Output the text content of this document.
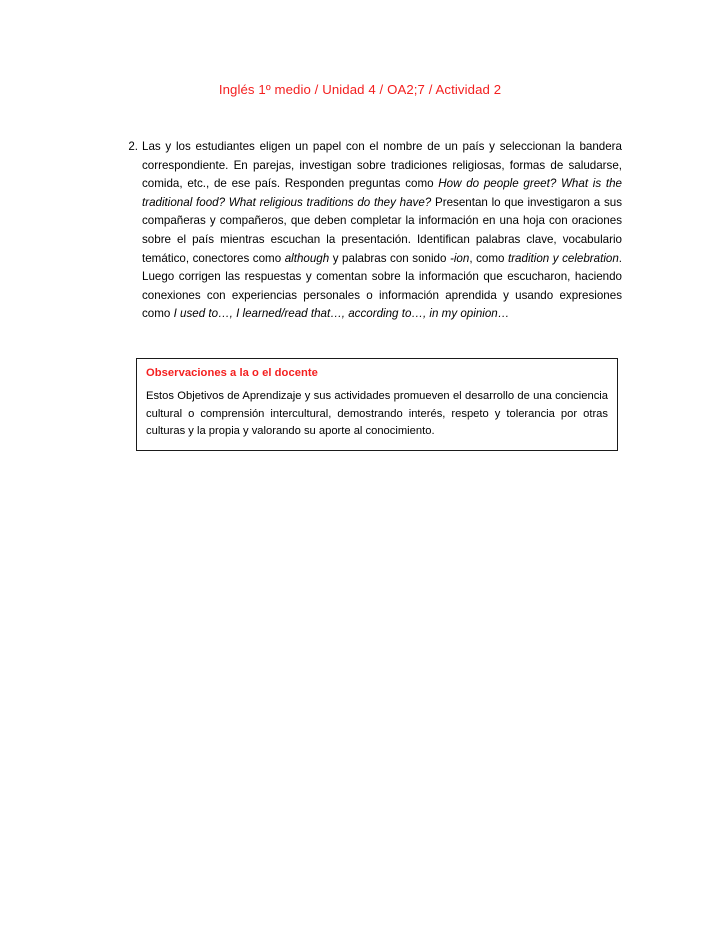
Inglés 1º medio / Unidad 4 / OA2;7 / Actividad 2
2. Las y los estudiantes eligen un papel con el nombre de un país y seleccionan la bandera correspondiente. En parejas, investigan sobre tradiciones religiosas, formas de saludarse, comida, etc., de ese país. Responden preguntas como How do people greet? What is the traditional food? What religious traditions do they have? Presentan lo que investigaron a sus compañeras y compañeros, que deben completar la información en una hoja con oraciones sobre el país mientras escuchan la presentación. Identifican palabras clave, vocabulario temático, conectores como although y palabras con sonido -ion, como tradition y celebration. Luego corrigen las respuestas y comentan sobre la información que escucharon, haciendo conexiones con experiencias personales o información aprendida y usando expresiones como I used to…, I learned/read that…, according to…, in my opinion…
Observaciones a la o el docente
Estos Objetivos de Aprendizaje y sus actividades promueven el desarrollo de una conciencia cultural o comprensión intercultural, demostrando interés, respeto y tolerancia por otras culturas y la propia y valorando su aporte al conocimiento.
